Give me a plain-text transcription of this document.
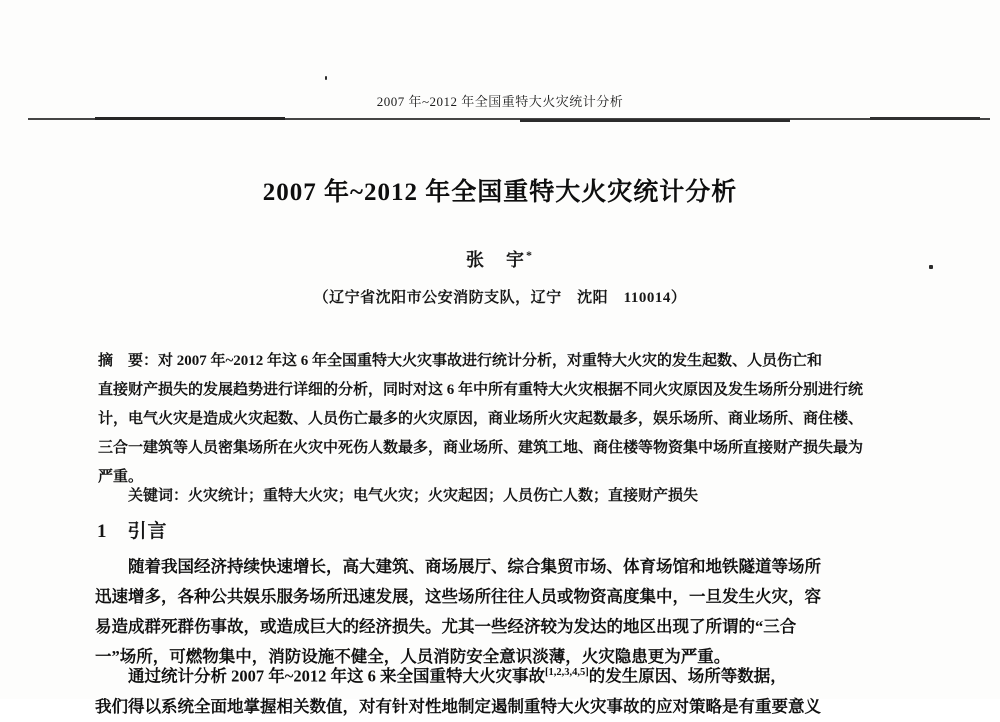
2007 年~2012 年全国重特大火灾统计分析
2007 年~2012 年全国重特大火灾统计分析
张　宇*
（辽宁省沈阳市公安消防支队，辽宁　沈阳　110014）
摘　要：对 2007 年~2012 年这 6 年全国重特大火灾事故进行统计分析，对重特大火灾的发生起数、人员伤亡和
直接财产损失的发展趋势进行详细的分析，同时对这 6 年中所有重特大火灾根据不同火灾原因及发生场所分别进行统
计，电气火灾是造成火灾起数、人员伤亡最多的火灾原因，商业场所火灾起数最多，娱乐场所、商业场所、商住楼、
三合一建筑等人员密集场所在火灾中死伤人数最多，商业场所、建筑工地、商住楼等物资集中场所直接财产损失最为
严重。
关键词：火灾统计；重特大火灾；电气火灾；火灾起因；人员伤亡人数；直接财产损失
1 引言
　　随着我国经济持续快速增长，高大建筑、商场展厅、综合集贸市场、体育场馆和地铁隧道等场所
迅速增多，各种公共娱乐服务场所迅速发展，这些场所往往人员或物资高度集中，一旦发生火灾，容
易造成群死群伤事故，或造成巨大的经济损失。尤其一些经济较为发达的地区出现了所谓的“三合
一”场所，可燃物集中，消防设施不健全，人员消防安全意识淡薄，火灾隐患更为严重。
　　通过统计分析 2007 年~2012 年这 6 来全国重特大火灾事故[1,2,3,4,5]的发生原因、场所等数据，
我们得以系统全面地掌握相关数值，对有针对性地制定遏制重特大火灾事故的应对策略是有重要意义
